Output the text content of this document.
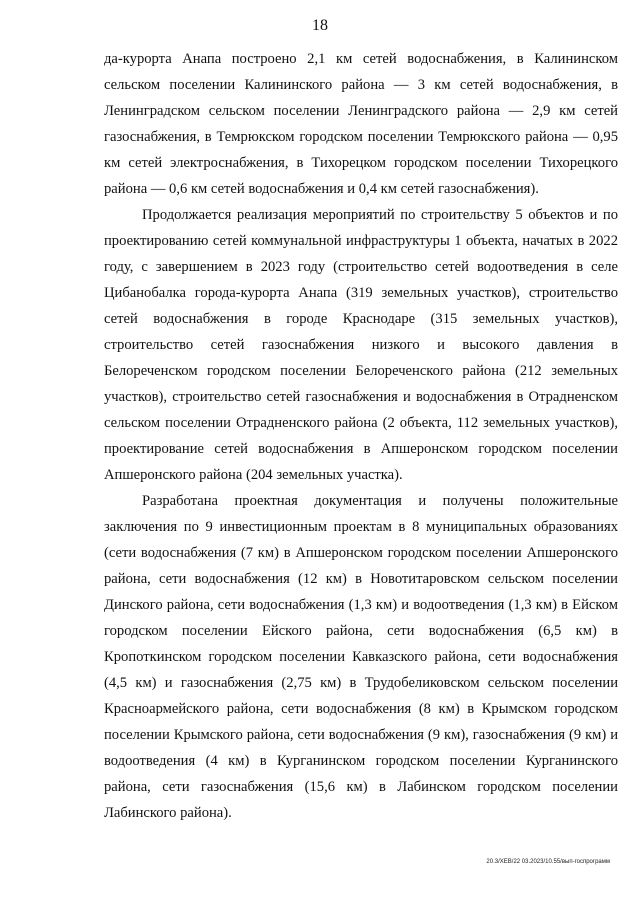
18

да-курорта Анапа построено 2,1 км сетей водоснабжения, в Калининском сельском поселении Калининского района — 3 км сетей водоснабжения, в Ленинградском сельском поселении Ленинградского района — 2,9 км сетей газоснабжения, в Темрюкском городском поселении Темрюкского района — 0,95 км сетей электроснабжения, в Тихорецком городском поселении Тихорецкого района — 0,6 км сетей водоснабжения и 0,4 км сетей газоснабжения).

Продолжается реализация мероприятий по строительству 5 объектов и по проектированию сетей коммунальной инфраструктуры 1 объекта, начатых в 2022 году, с завершением в 2023 году (строительство сетей водоотведения в селе Цибанобалка города-курорта Анапа (319 земельных участков), строительство сетей водоснабжения в городе Краснодаре (315 земельных участков), строительство сетей газоснабжения низкого и высокого давления в Белореченском городском поселении Белореченского района (212 земельных участков), строительство сетей газоснабжения и водоснабжения в Отрадненском сельском поселении Отрадненского района (2 объекта, 112 земельных участков), проектирование сетей водоснабжения в Апшеронском городском поселении Апшеронского района (204 земельных участка).

Разработана проектная документация и получены положительные заключения по 9 инвестиционным проектам в 8 муниципальных образованиях (сети водоснабжения (7 км) в Апшеронском городском поселении Апшеронского района, сети водоснабжения (12 км) в Новотитаровском сельском поселении Динского района, сети водоснабжения (1,3 км) и водоотведения (1,3 км) в Ейском городском поселении Ейского района, сети водоснабжения (6,5 км) в Кропоткинском городском поселении Кавказского района, сети водоснабжения (4,5 км) и газоснабжения (2,75 км) в Трудобеликовском сельском поселении Красноармейского района, сети водоснабжения (8 км) в Крымском городском поселении Крымского района, сети водоснабжения (9 км), газоснабжения (9 км) и водоотведения (4 км) в Курганинском городском поселении Курганинского района, сети газоснабжения (15,6 км) в Лабинском городском поселении Лабинского района).

20.3/ХЕВ/22 03.2023/10.55/вып-госпрограмм
